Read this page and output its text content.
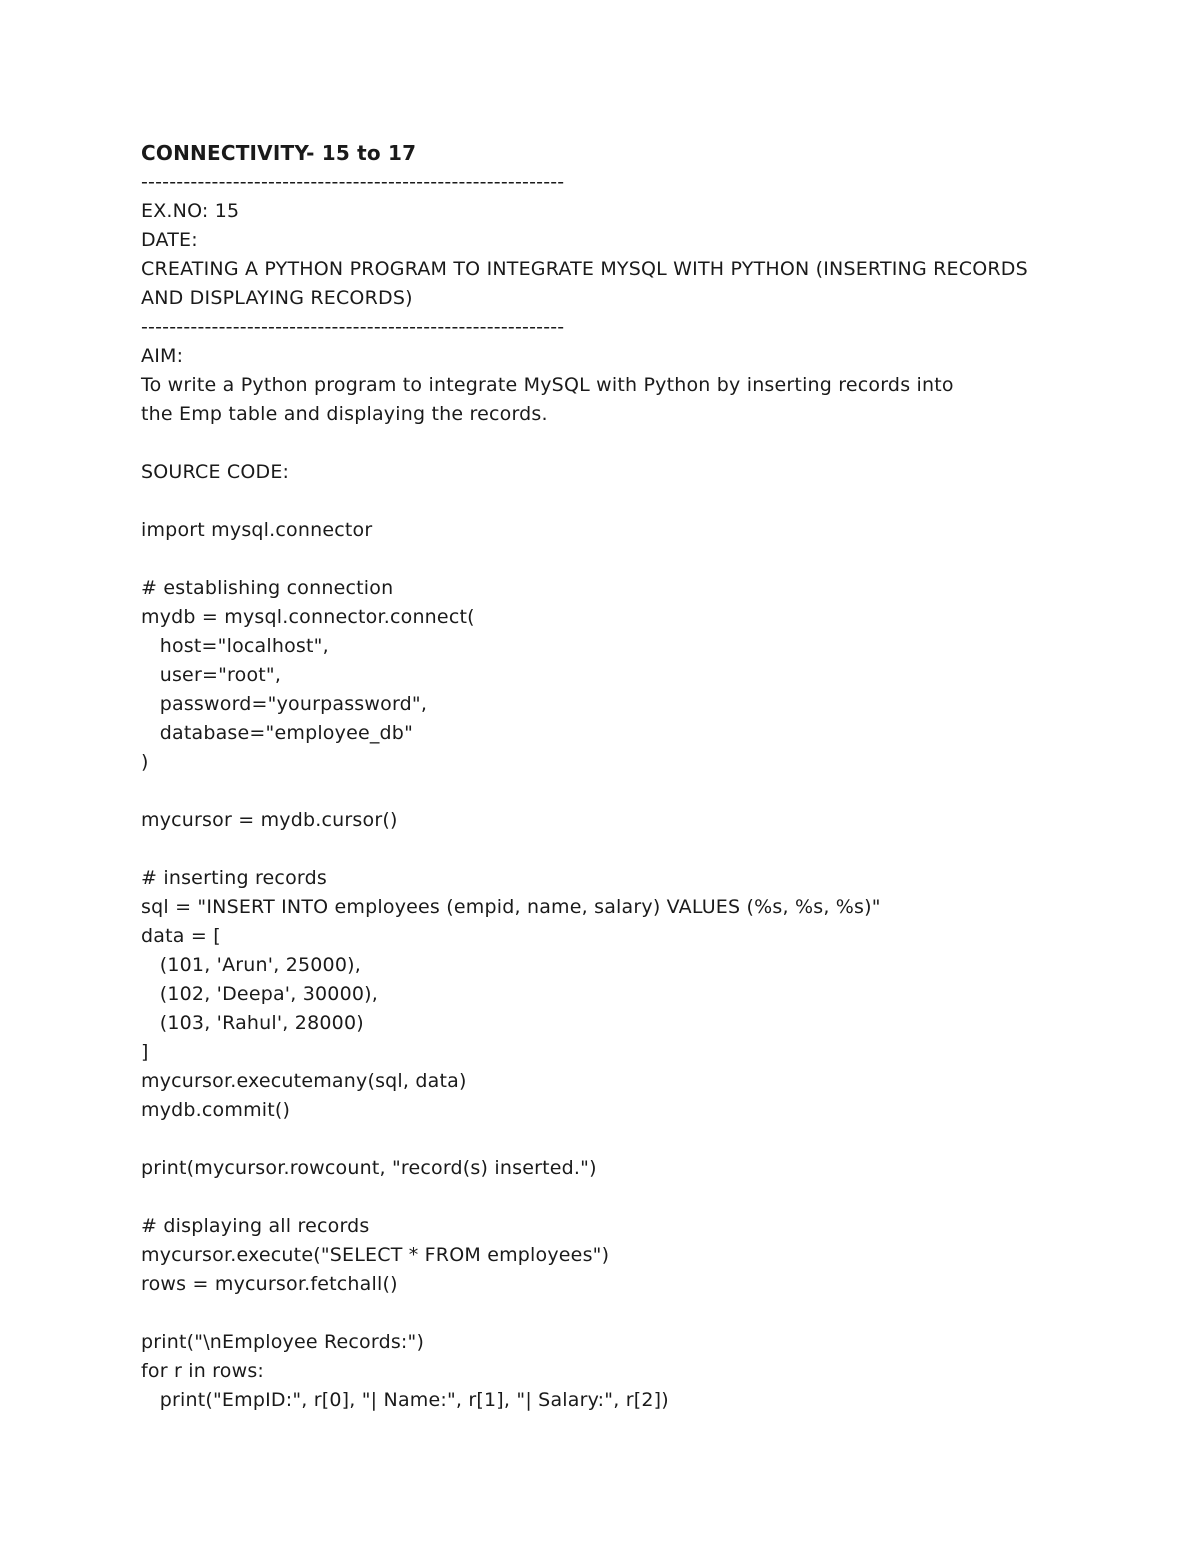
CONNECTIVITY- 15 to 17
------------------------------------------------------------
EX.NO: 15
DATE:
CREATING A PYTHON PROGRAM TO INTEGRATE MYSQL WITH PYTHON (INSERTING RECORDS AND DISPLAYING RECORDS)
------------------------------------------------------------
AIM:
To write a Python program to integrate MySQL with Python by inserting records into
the Emp table and displaying the records.
SOURCE CODE:
import mysql.connector
# establishing connection
mydb = mysql.connector.connect(
host="localhost",
user="root",
password="yourpassword",
database="employee_db"
)
mycursor = mydb.cursor()
# inserting records
sql = "INSERT INTO employees (empid, name, salary) VALUES (%s, %s, %s)"
data = [
(101, 'Arun', 25000),
(102, 'Deepa', 30000),
(103, 'Rahul', 28000)
]
mycursor.executemany(sql, data)
mydb.commit()
print(mycursor.rowcount, "record(s) inserted.")
# displaying all records
mycursor.execute("SELECT * FROM employees")
rows = mycursor.fetchall()
print("\nEmployee Records:")
for r in rows:
print("EmpID:", r[0], "| Name:", r[1], "| Salary:", r[2])
